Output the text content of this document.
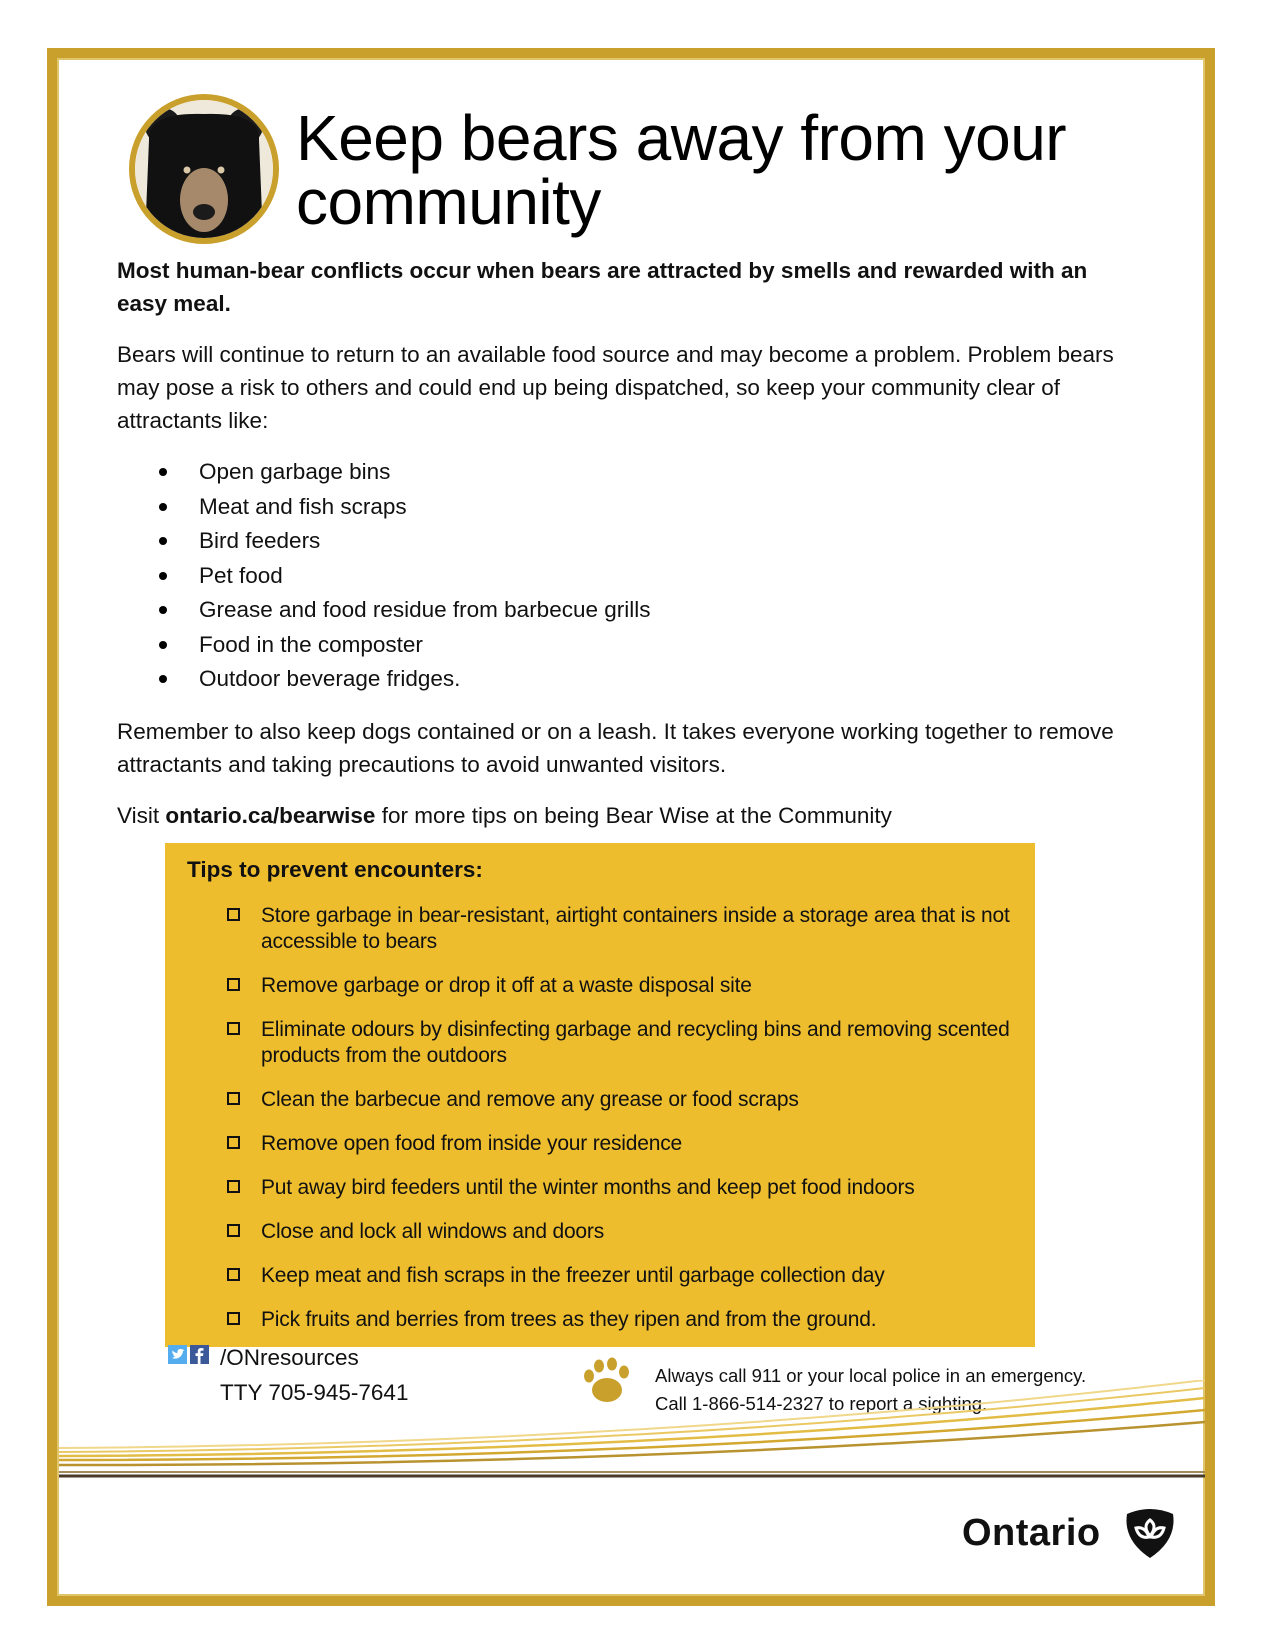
Keep bears away from your community

Most human-bear conflicts occur when bears are attracted by smells and rewarded with an easy meal.

Bears will continue to return to an available food source and may become a problem. Problem bears may pose a risk to others and could end up being dispatched, so keep your community clear of attractants like:

Open garbage bins
Meat and fish scraps
Bird feeders
Pet food
Grease and food residue from barbecue grills
Food in the composter
Outdoor beverage fridges.

Remember to also keep dogs contained or on a leash. It takes everyone working together to remove attractants and taking precautions to avoid unwanted visitors.

Visit ontario.ca/bearwise for more tips on being Bear Wise at the Community

Tips to prevent encounters:
Store garbage in bear-resistant, airtight containers inside a storage area that is not accessible to bears
Remove garbage or drop it off at a waste disposal site
Eliminate odours by disinfecting garbage and recycling bins and removing scented products from the outdoors
Clean the barbecue and remove any grease or food scraps
Remove open food from inside your residence
Put away bird feeders until the winter months and keep pet food indoors
Close and lock all windows and doors
Keep meat and fish scraps in the freezer until garbage collection day
Pick fruits and berries from trees as they ripen and from the ground.
/ONresources
TTY 705-945-7641
Always call 911 or your local police in an emergency.
Call 1-866-514-2327 to report a sighting.
Ontario
